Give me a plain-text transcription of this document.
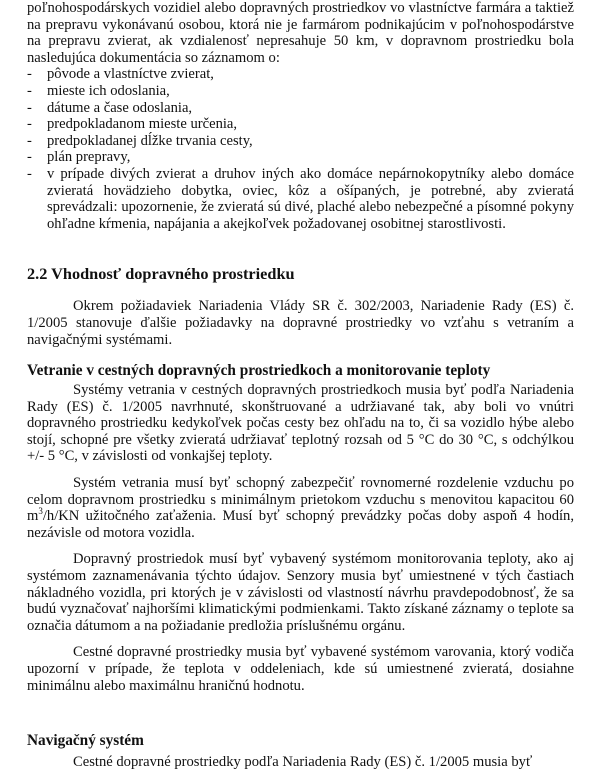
poľnohospodárskych vozidiel alebo dopravných prostriedkov vo vlastníctve farmára a taktiež na prepravu vykonávanú osobou, ktorá nie je farmárom podnikajúcim v poľnohospodárstve na prepravu zvierat, ak vzdialenosť nepresahuje 50 km, v dopravnom prostriedku bola nasledujúca dokumentácia so záznamom o:

- pôvode a vlastníctve zvierat,
- mieste ich odoslania,
- dátume a čase odoslania,
- predpokladanom mieste určenia,
- predpokladanej dĺžke trvania cesty,
- plán prepravy,
- v prípade divých zvierat a druhov iných ako domáce nepárnokopytníky alebo domáce zvieratá hovädzieho dobytka, oviec, kôz a ošípaných, je potrebné, aby zvieratá sprevádzali: upozornenie, že zvieratá sú divé, plaché alebo nebezpečné a písomné pokyny ohľadne kŕmenia, napájania a akejkoľvek požadovanej osobitnej starostlivosti.
2.2 Vhodnosť dopravného prostriedku

Okrem požiadaviek Nariadenia Vlády SR č. 302/2003, Nariadenie Rady (ES) č. 1/2005 stanovuje ďalšie požiadavky na dopravné prostriedky vo vzťahu s vetraním a navigačnými systémami.

Vetranie v cestných dopravných prostriedkoch a monitorovanie teploty

Systémy vetrania v cestných dopravných prostriedkoch musia byť podľa Nariadenia Rady (ES) č. 1/2005 navrhnuté, skonštruované a udržiavané tak, aby boli vo vnútri dopravného prostriedku kedykoľvek počas cesty bez ohľadu na to, či sa vozidlo hýbe alebo stojí, schopné pre všetky zvieratá udržiavať teplotný rozsah od 5 °C do 30 °C, s odchýlkou +/- 5 °C, v závislosti od vonkajšej teploty.

Systém vetrania musí byť schopný zabezpečiť rovnomerné rozdelenie vzduchu po celom dopravnom prostriedku s minimálnym prietokom vzduchu s menovitou kapacitou 60 $m^3/h/KN$ užitočného zaťaženia. Musí byť schopný prevádzky počas doby aspoň 4 hodín, nezávisle od motora vozidla.

Dopravný prostriedok musí byť vybavený systémom monitorovania teploty, ako aj systémom zaznamenávania týchto údajov. Senzory musia byť umiestnené v tých častiach nákladného vozidla, pri ktorých je v závislosti od vlastností návrhu pravdepodobnosť, že sa budú vyznačovať najhoršími klimatickými podmienkami. Takto získané záznamy o teplote sa označia dátumom a na požiadanie predložia príslušnému orgánu.

Cestné dopravné prostriedky musia byť vybavené systémom varovania, ktorý vodiča upozorní v prípade, že teplota v oddeleniach, kde sú umiestnené zvieratá, dosiahne minimálnu alebo maximálnu hraničnú hodnotu.

Navigačný systém

Cestné dopravné prostriedky podľa Nariadenia Rady (ES) č. 1/2005 musia byť
